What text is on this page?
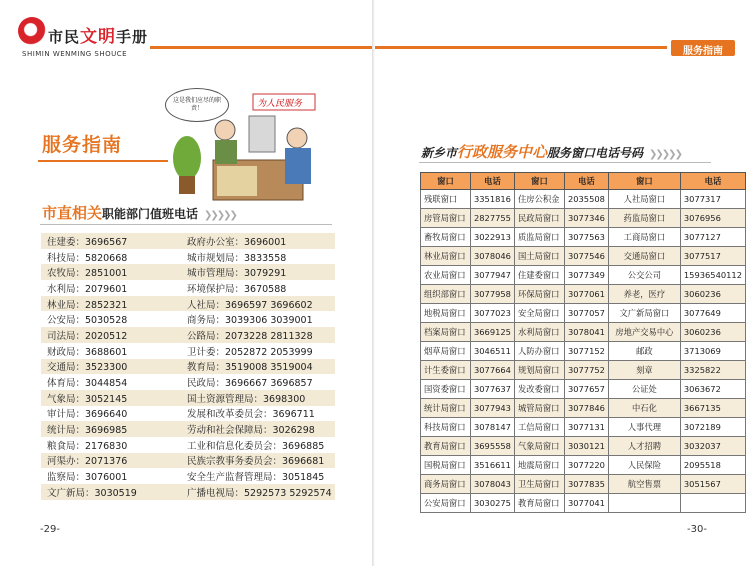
市民文明手册
SHIMIN WENMING SHOUCE
为人民服务
这是我们应尽的职责！
服务指南
市直相关职能部门值班电话 ❯❯❯❯❯
住建委：3696567	政府办公室：3696001
科技局：5820668	城市规划局：3833558
农牧局：2851001	城市管理局：3079291
水利局：2079601	环境保护局：3670588
林业局：2852321	人社局：3696597 3696602
公安局：5030528	商务局：3039306 3039001
司法局：2020512	公路局：2073228 2811328
财政局：3688601	卫计委：2052872 2053999
交通局：3523300	教育局：3519008 3519004
体育局：3044854	民政局：3696667 3696857
气象局：3052145	国土资源管理局：3698300
审计局：3696640	发展和改革委员会：3696711
统计局：3696985	劳动和社会保障局：3026298
粮食局：2176830	工业和信息化委员会：3696885
河渠办：2071376	民族宗教事务委员会：3696681
监察局：3076001	安全生产监督管理局：3051845
文广新局：3030519	广播电视局：5292573 5292574
-29-
服务指南
新乡市行政服务中心服务窗口电话号码 ❯❯❯❯❯
窗口	电话	窗口	电话	窗口	电话
残联窗口	3351816	住房公积金	2035508	人社局窗口	3077317
房管局窗口	2827755	民政局窗口	3077346	药监局窗口	3076956
畜牧局窗口	3022913	质监局窗口	3077563	工商局窗口	3077127
林业局窗口	3078046	国土局窗口	3077546	交通局窗口	3077517
农业局窗口	3077947	住建委窗口	3077349	公交公司	15936540112
组织部窗口	3077958	环保局窗口	3077061	养老，医疗	3060236
地税局窗口	3077023	安全局窗口	3077057	文广新局窗口	3077649
档案局窗口	3669125	水利局窗口	3078041	房地产交易中心	3060236
烟草局窗口	3046511	人防办窗口	3077152	邮政	3713069
计生委窗口	3077664	规划局窗口	3077752	刻章	3325822
国资委窗口	3077637	发改委窗口	3077657	公证处	3063672
统计局窗口	3077943	城管局窗口	3077846	中石化	3667135
科技局窗口	3078147	工信局窗口	3077131	人事代理	3072189
教育局窗口	3695558	气象局窗口	3030121	人才招聘	3032037
国税局窗口	3516611	地震局窗口	3077220	人民保险	2095518
商务局窗口	3078043	卫生局窗口	3077835	航空售票	3051567
公安局窗口	3030275	教育局窗口	3077041		
-30-
